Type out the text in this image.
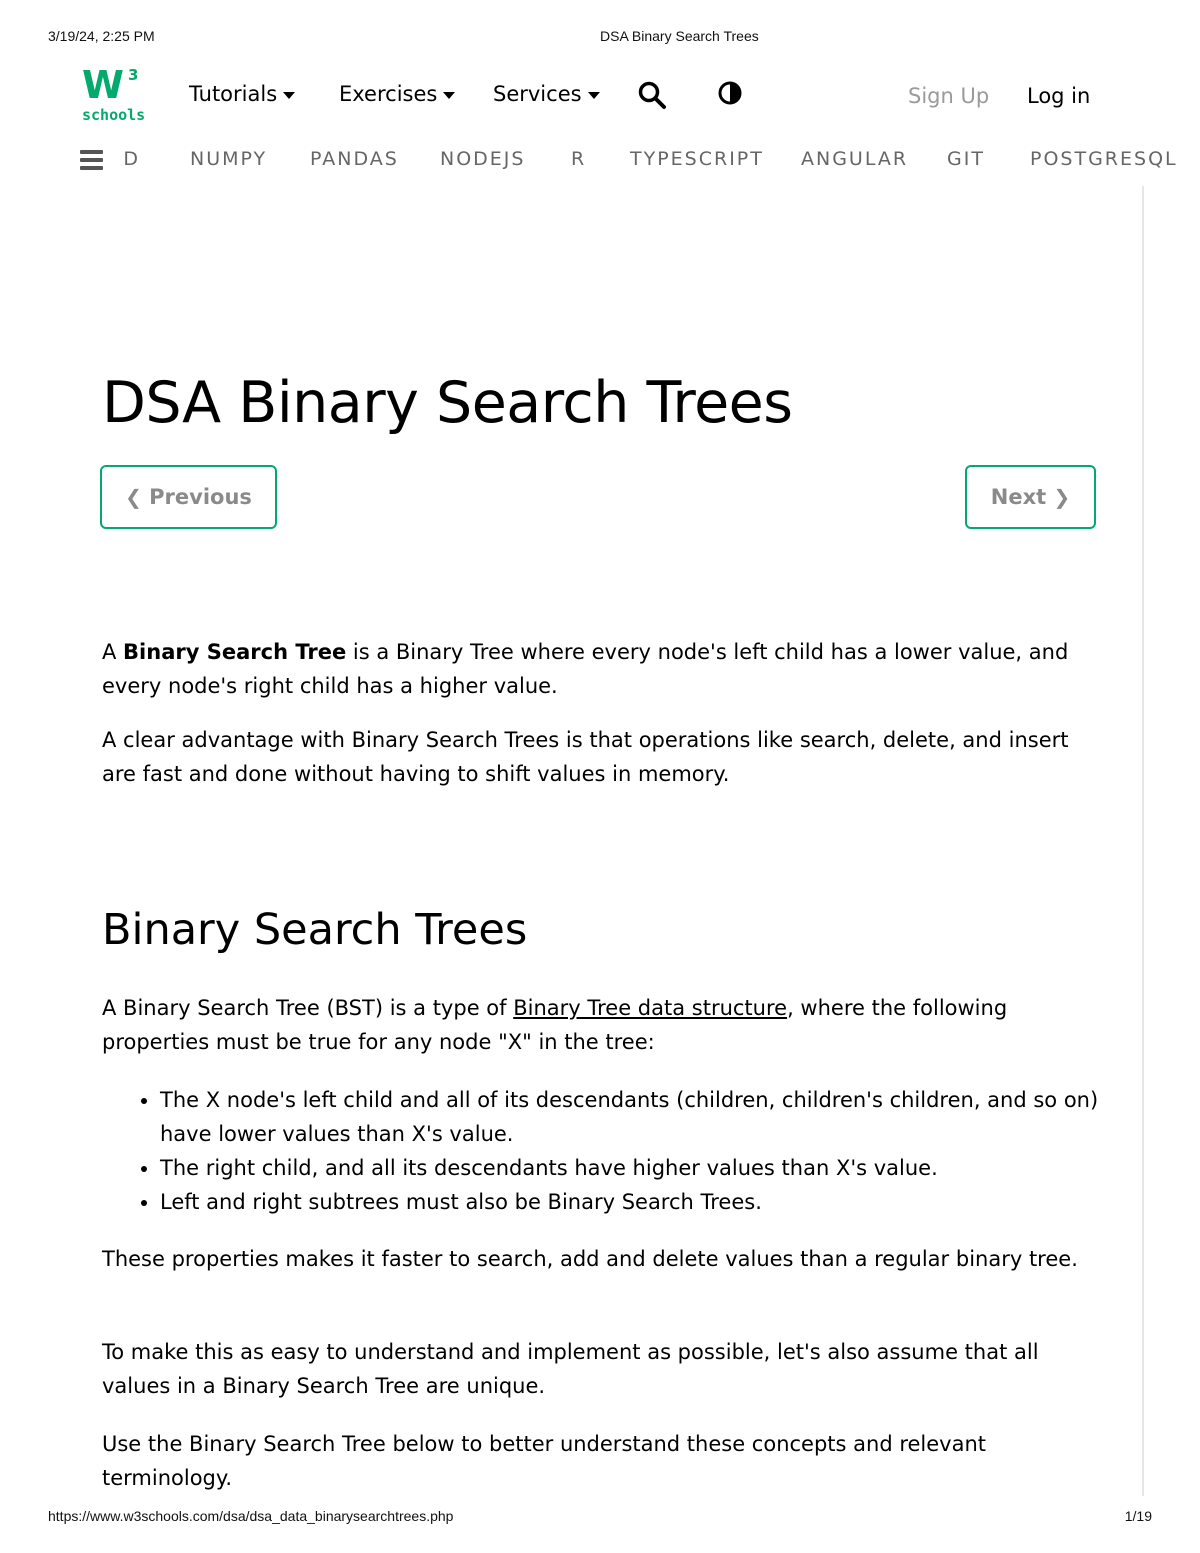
3/19/24, 2:25 PM	DSA Binary Search Trees
W 3
schools
Tutorials	Exercises	Services	Sign Up Log in
D	NUMPY PANDAS NODEJS R TYPESCRIPT ANGULAR GIT POSTGRESQL
DSA Binary Search Trees
❮
Previous	Next
❯

A Binary Search Tree is a Binary Tree where every node's left child has a lower value, and every node's right child has a higher value.

A clear advantage with Binary Search Trees is that operations like search, delete, and insert are fast and done without having to shift values in memory.

Binary Search Trees

A Binary Search Tree (BST) is a type of Binary Tree data structure, where the following properties must be true for any node "X" in the tree:

• The X node's left child and all of its descendants (children, children's children, and so on) have lower values than X's value.
• The right child, and all its descendants have higher values than X's value.
• Left and right subtrees must also be Binary Search Trees.

These properties makes it faster to search, add and delete values than a regular binary tree.

To make this as easy to understand and implement as possible, let's also assume that all values in a Binary Search Tree are unique.

Use the Binary Search Tree below to better understand these concepts and relevant terminology.

https://www.w3schools.com/dsa/dsa_data_binarysearchtrees.php	1/19
